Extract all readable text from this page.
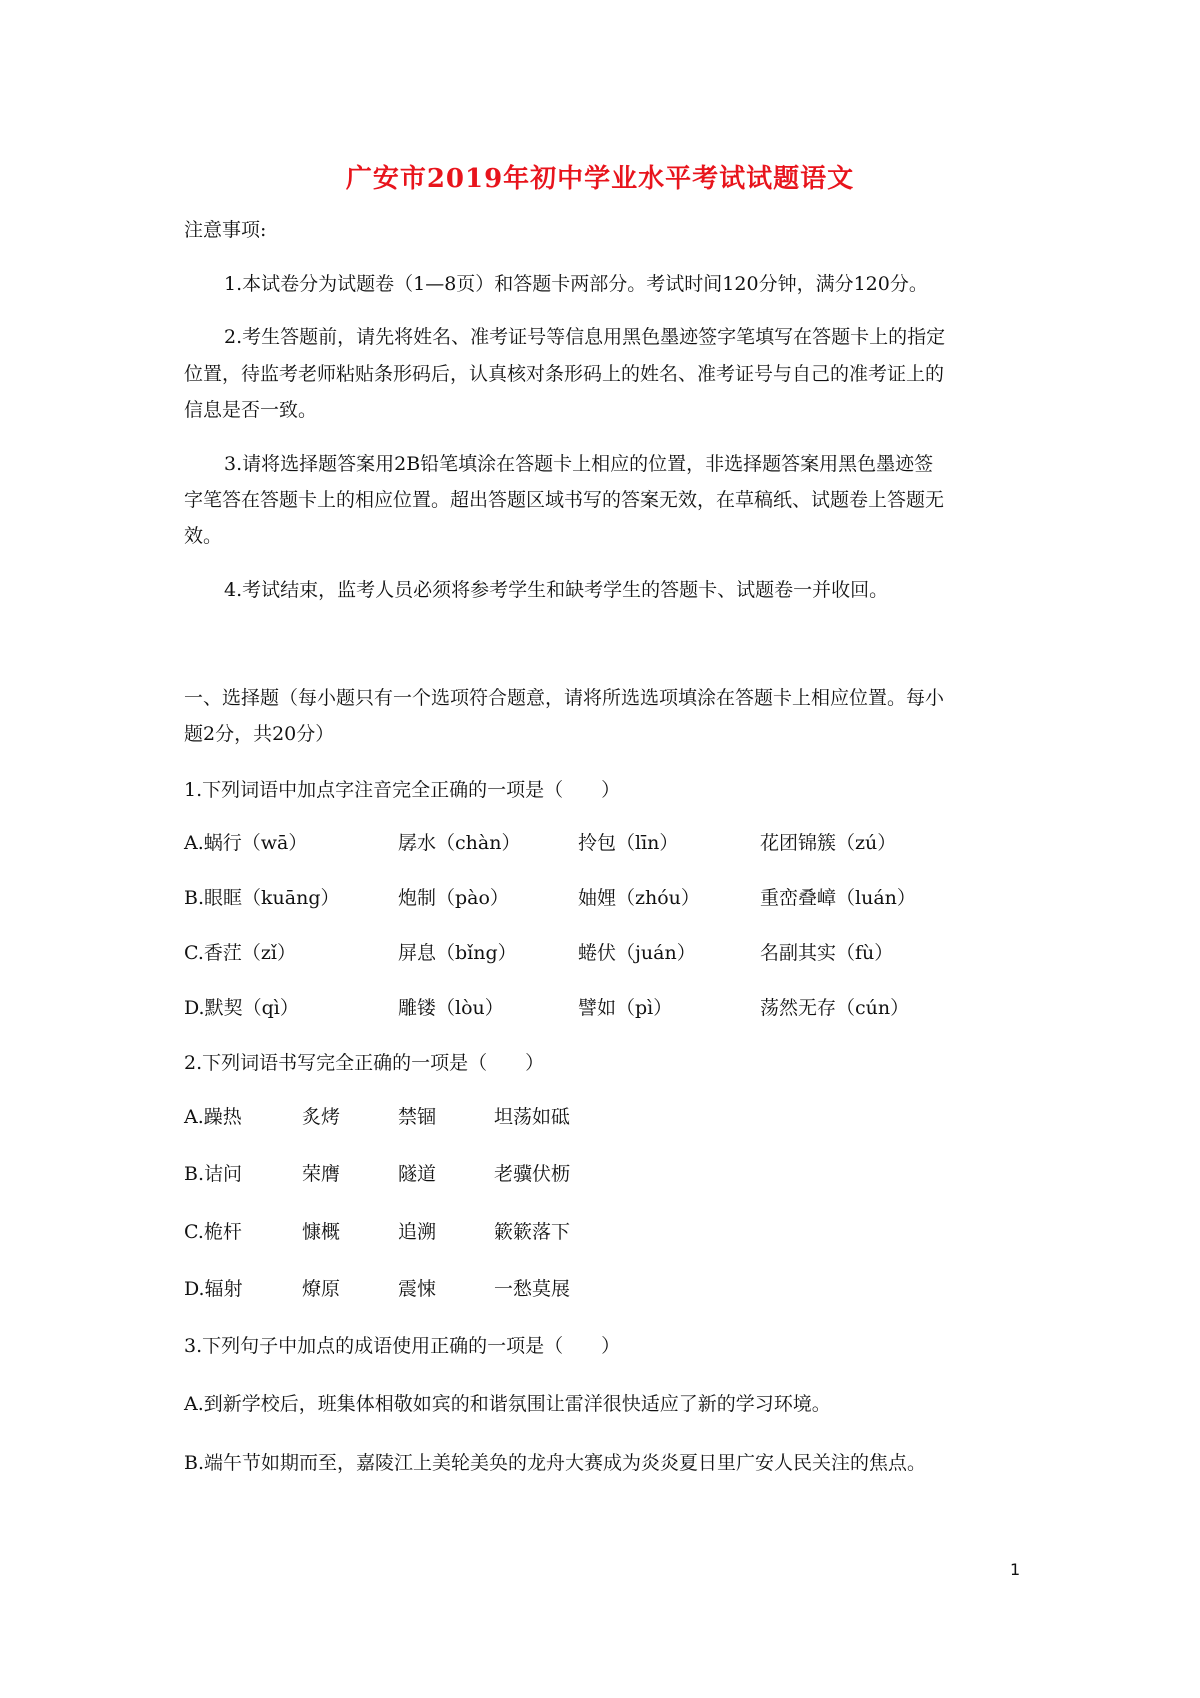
广安市2019年初中学业水平考试试题语文
注意事项:
1.本试卷分为试题卷（1—8页）和答题卡两部分。考试时间120分钟，满分120分。
2.考生答题前，请先将姓名、准考证号等信息用黑色墨迹签字笔填写在答题卡上的指定
位置，待监考老师粘贴条形码后，认真核对条形码上的姓名、准考证号与自己的准考证上的
信息是否一致。
3.请将选择题答案用2B铅笔填涂在答题卡上相应的位置，非选择题答案用黑色墨迹签
字笔答在答题卡上的相应位置。超出答题区域书写的答案无效，在草稿纸、试题卷上答题无
效。
4.考试结束，监考人员必须将参考学生和缺考学生的答题卡、试题卷一并收回。
一、选择题（每小题只有一个选项符合题意，请将所选选项填涂在答题卡上相应位置。每小
题2分，共20分）
1.下列词语中加点字注音完全正确的一项是（　　）
A.蜗行（wā）	孱水（chàn）	拎包（līn）	花团锦簇（zú）
B.眼眶（kuāng）	炮制（pào）	妯娌（zhóu）	重峦叠嶂（luán）
C.香茳（zǐ）	屏息（bǐng）	蜷伏（juán）	名副其实（fù）
D.默契（qì）	雕镂（lòu）	譬如（pì）	荡然无存（cún）
2.下列词语书写完全正确的一项是（　　）
A.躁热	炙烤	禁锢	坦荡如砥
B.诘问	荣膺	隧道	老骥伏枥
C.桅杆	慷概	追溯	簌簌落下
D.辐射	燎原	震悚	一愁莫展
3.下列句子中加点的成语使用正确的一项是（　　）
A.到新学校后，班集体相敬如宾的和谐氛围让雷洋很快适应了新的学习环境。
B.端午节如期而至，嘉陵江上美轮美奂的龙舟大赛成为炎炎夏日里广安人民关注的焦点。
1
